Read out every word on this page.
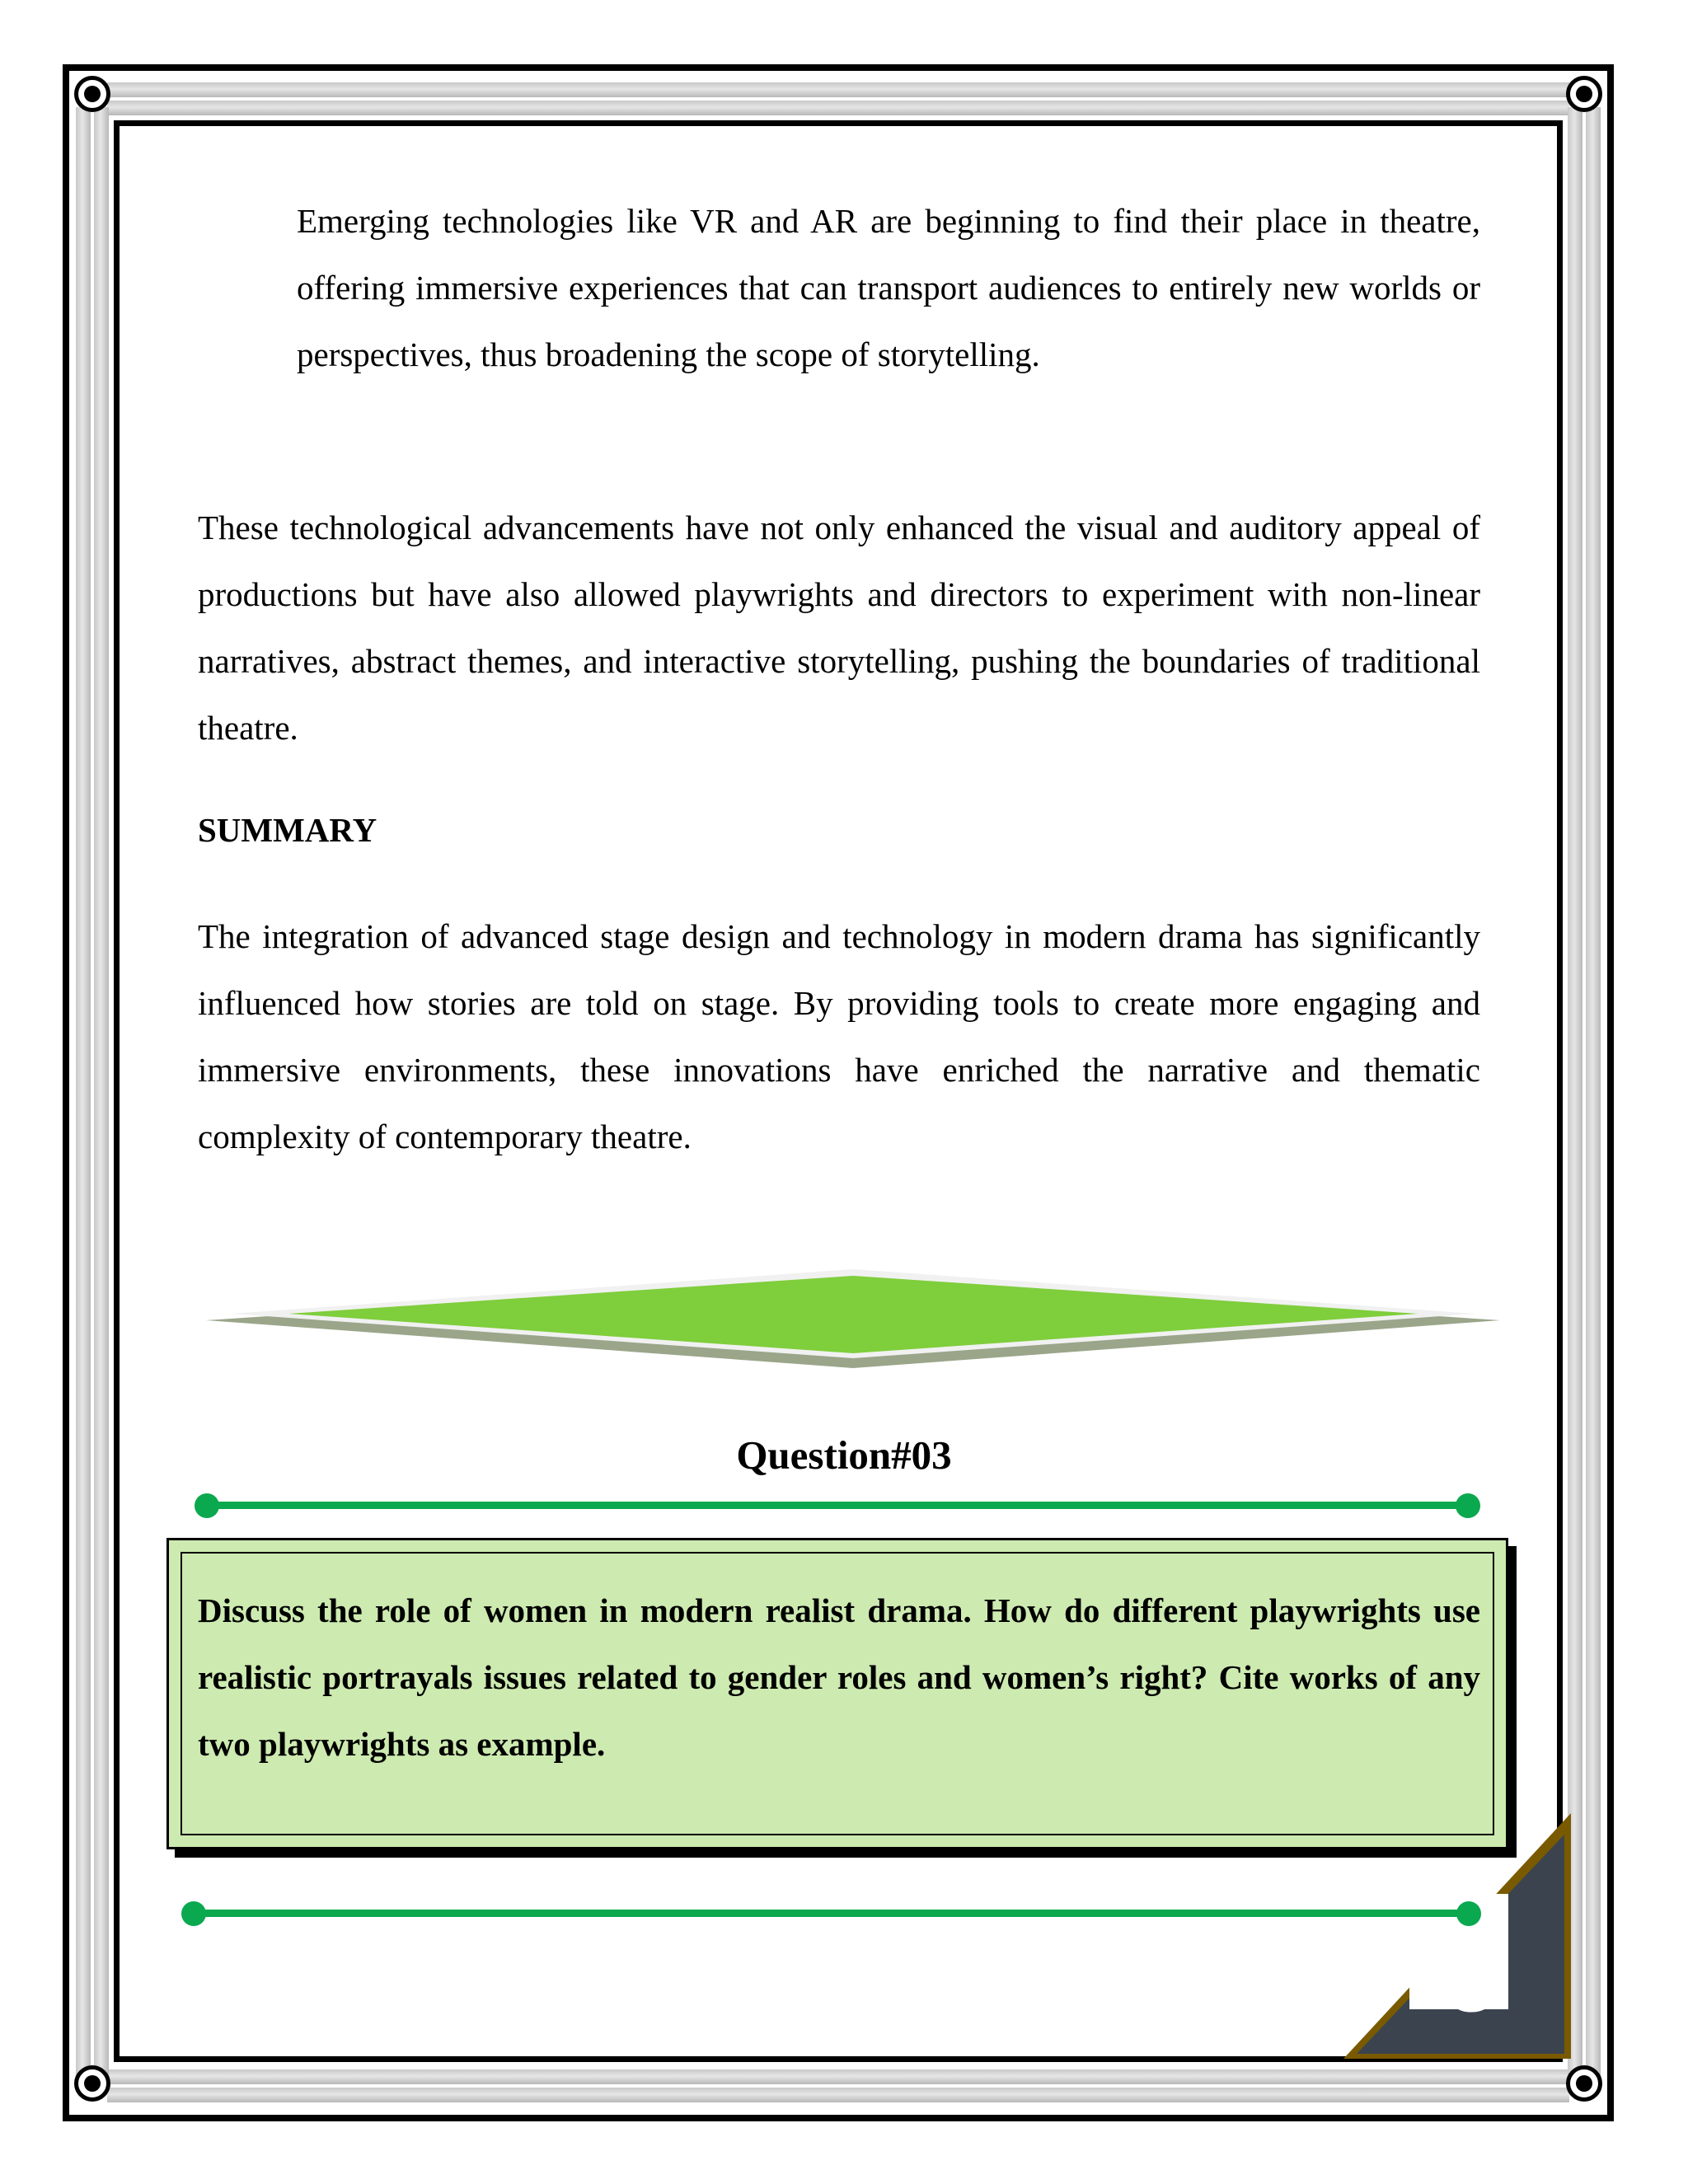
8

Emerging technologies like VR and AR are beginning to find their place in theatre, offering immersive experiences that can transport audiences to entirely new worlds or perspectives, thus broadening the scope of storytelling.

These technological advancements have not only enhanced the visual and auditory appeal of productions but have also allowed playwrights and directors to experiment with non-linear narratives, abstract themes, and interactive storytelling, pushing the boundaries of traditional theatre.

SUMMARY

The integration of advanced stage design and technology in modern drama has significantly influenced how stories are told on stage. By providing tools to create more engaging and immersive environments, these innovations have enriched the narrative and thematic complexity of contemporary theatre.

Question#03

Discuss the role of women in modern realist drama. How do different playwrights use realistic portrayals issues related to gender roles and women’s right? Cite works of any two playwrights as example.
